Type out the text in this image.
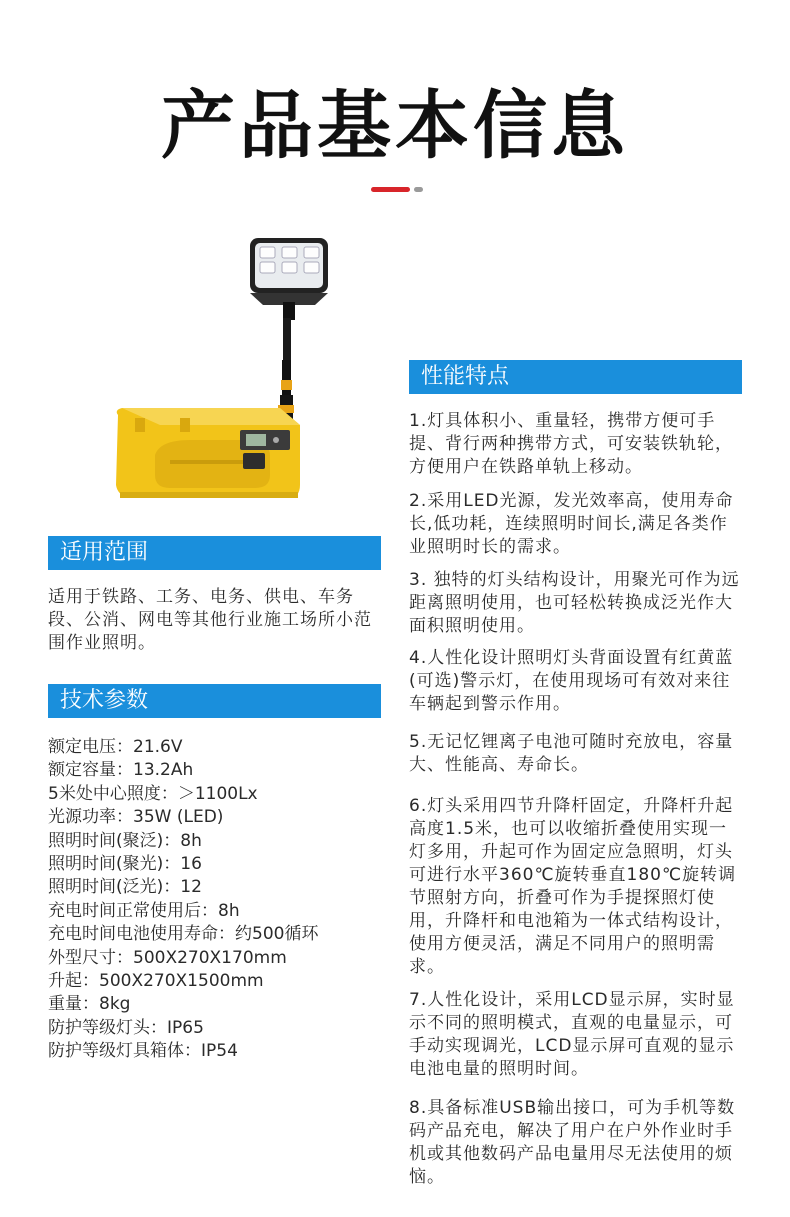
产品基本信息
适用范围
适用于铁路、工务、电务、供电、车务段、公消、网电等其他行业施工场所小范围作业照明。
技术参数
额定电压：21.6V
额定容量：13.2Ah
5米处中心照度：＞1100Lx
光源功率：35W (LED)
照明时间(聚泛)：8h
照明时间(聚光)：16
照明时间(泛光)：12
充电时间正常使用后：8h
充电时间电池使用寿命：约500循环
外型尺寸：500X270X170mm
升起：500X270X1500mm
重量：8kg
防护等级灯头：IP65
防护等级灯具箱体：IP54
性能特点
1.灯具体积小、重量轻，携带方便可手提、背行两种携带方式，可安装铁轨轮，方便用户在铁路单轨上移动。
2.采用LED光源，发光效率高，使用寿命长,低功耗，连续照明时间长,满足各类作业照明时长的需求。
3. 独特的灯头结构设计，用聚光可作为远距离照明使用，也可轻松转换成泛光作大面积照明使用。
4.人性化设计照明灯头背面设置有红黄蓝(可选)警示灯，在使用现场可有效对来往车辆起到警示作用。
5.无记忆锂离子电池可随时充放电，容量大、性能高、寿命长。
6.灯头采用四节升降杆固定，升降杆升起高度1.5米，也可以收缩折叠使用实现一灯多用，升起可作为固定应急照明，灯头可进行水平360℃旋转垂直180℃旋转调节照射方向，折叠可作为手提探照灯使用，升降杆和电池箱为一体式结构设计，使用方便灵活，满足不同用户的照明需求。
7.人性化设计，采用LCD显示屏，实时显示不同的照明模式，直观的电量显示，可手动实现调光，LCD显示屏可直观的显示电池电量的照明时间。
8.具备标准USB输出接口，可为手机等数码产品充电，解决了用户在户外作业时手机或其他数码产品电量用尽无法使用的烦恼。
